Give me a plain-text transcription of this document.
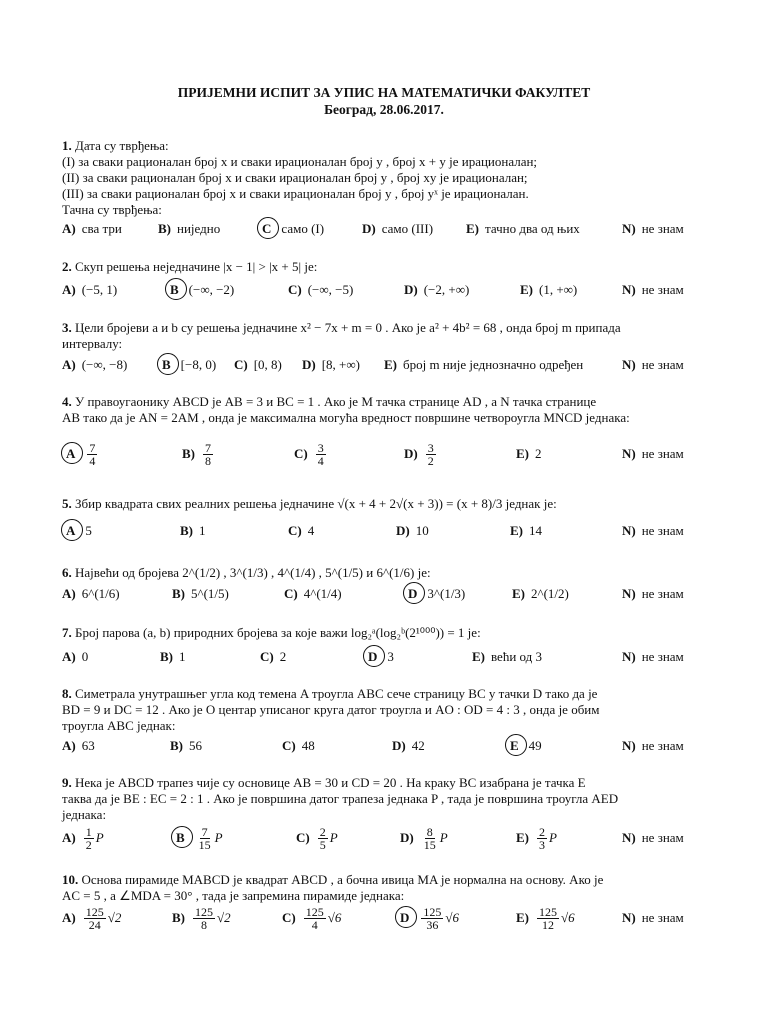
ПРИЈЕМНИ ИСПИТ ЗА УПИС НА МАТЕМАТИЧКИ ФАКУЛТЕТ
Београд, 28.06.2017.
1. Дата су тврђења:
(I) за сваки рационалан број x и сваки ирационалан број y , број x + y је ирационалан;
(II) за сваки рационалан број x и сваки ирационалан број y , број xy је ирационалан;
(III) за сваки рационалан број x и сваки ирационалан број y , број yˣ је ирационалан.
Тачна су тврђења:
A) сва три	B) ниједно	C само (I)	D) само (III)	E) тачно два од њих	N) не знам
2. Скуп решења неједначине |x − 1| > |x + 5| је:
A) (−5, 1)	B (−∞, −2)	C) (−∞, −5)	D) (−2, +∞)	E) (1, +∞)	N) не знам
3. Цели бројеви a и b су решења једначине x² − 7x + m = 0 . Ако је a² + 4b² = 68 , онда број m припада
интервалу:
A) (−∞, −8)	B [−8, 0) C) [0, 8) D) [8, +∞) E) број m није једнозначно одређен	N) не знам
4. У правоугаонику ABCD је AB = 3 и BC = 1 . Ако је M тачка странице AD , а N тачка странице
AB тако да је AN = 2AM , онда је максимална могућа вредност површине четвороугла MNCD једнака:
A $\frac{7}{4}$	$B) \frac{7}{8}$	$C) \frac{3}{4}$	$D) \frac{3}{2}$	E) 2	N) не знам
5. Збир квадрата свих реалних решења једначине √(x + 4 + 2√(x + 3)) = (x + 8)/3 једнак је:
A 5	B) 1	C) 4	D) 10	E) 14	N) не знам
6. Највећи од бројева 2^(1/2) , 3^(1/3) , 4^(1/4) , 5^(1/5) и 6^(1/6) је:
A) 6^(1/6)	B) 5^(1/5)	C) 4^(1/4)	D 3^(1/3)	E) 2^(1/2)	N) не знам
7. Број парова (a, b) природних бројева за које важи log₂ᵃ(log₂ᵇ(2¹⁰⁰⁰)) = 1 је:
A) 0	B) 1	C) 2	D 3	E) већи од 3	N) не знам
8. Симетрала унутрашњег угла код темена A троугла ABC сече страницу BC у тачки D тако да је
BD = 9 и DC = 12 . Ако је O центар уписаног круга датог троугла и AO : OD = 4 : 3 , онда је обим
троугла ABC једнак:
A) 63	B) 56	C) 48	D) 42	E 49	N) не знам
9. Нека је ABCD трапез чије су основице AB = 30 и CD = 20 . На краку BC изабрана је тачка E
таква да је BE : EC = 2 : 1 . Ако је површина датог трапеза једнака P , тада је површина троугла AED
једнака:
$A) \frac{1}{2}$ P	B $\frac{7}{15}$ P	$C) \frac{2}{5}$ P	$D) \frac{8}{15}$ P	$E) \frac{2}{3}$ P	N) не знам
10. Основа пирамиде MABCD је квадрат ABCD , а бочна ивица MA је нормална на основу. Ако је
AC = 5 , a ∠MDA = 30° , тада је запремина пирамиде једнака:
$A) \frac{125}{24} √2$	$B) \frac{125}{8} √2$	$C) \frac{125}{4} √6$	D $\frac{125}{36} √6$	$E) \frac{125}{12} √6$	N) не знам
